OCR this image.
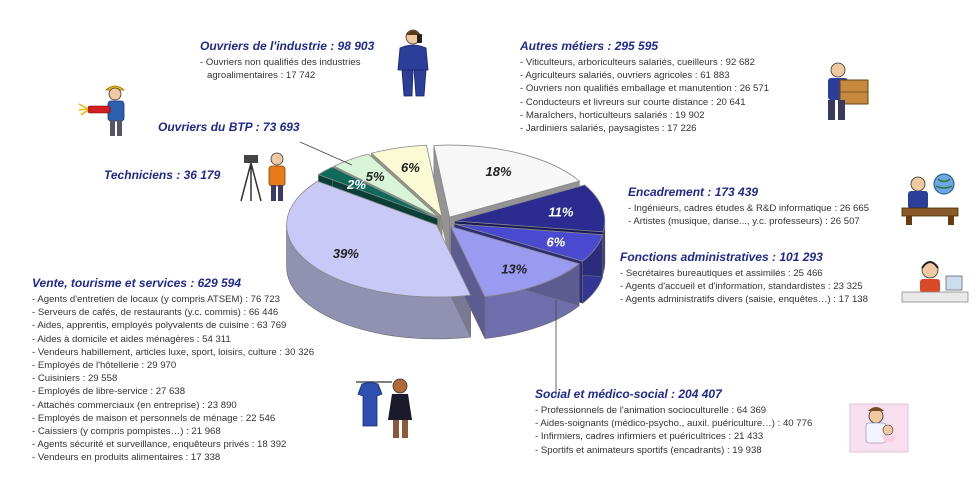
18%
11%
6%
13%
39%
2%
5%
6%
Ouvriers de l'industrie : 98 903
- Ouvriers non qualifiés des industries
agroalimentaires : 17 742
Ouvriers du BTP : 73 693
Techniciens : 36 179
Autres métiers : 295 595
- Viticulteurs, arboriculteurs salariés, cueilleurs : 92 682
- Agriculteurs salariés, ouvriers agricoles : 61 883
- Ouvriers non qualifiés emballage et manutention : 26 571
- Conducteurs et livreurs sur courte distance : 20 641
- Maraîchers, horticulteurs salariés : 19 902
- Jardiniers salariés, paysagistes : 17 226
Encadrement : 173 439
- Ingénieurs, cadres études & R&D informatique : 26 665
- Artistes (musique, danse..., y.c. professeurs) : 26 507
Fonctions administratives : 101 293
- Secrétaires bureautiques et assimilés : 25 466
- Agents d'accueil et d'information, standardistes : 23 325
- Agents administratifs divers (saisie, enquêtes…) : 17 138
Vente, tourisme et services : 629 594
- Agents d'entretien de locaux (y compris ATSEM) : 76 723
- Serveurs de cafés, de restaurants (y.c. commis) : 66 446
- Aides, apprentis, employés polyvalents de cuisine : 63 769
- Aides à domicile et aides ménagères : 54 311
- Vendeurs habillement, articles luxe, sport, loisirs, culture : 30 326
- Employés de l'hôtellerie : 29 970
- Cuisiniers : 29 558
- Employés de libre-service : 27 638
- Attachés commerciaux (en entreprise) : 23 890
- Employés de maison et personnels de ménage : 22 546
- Caissiers (y compris pompistes…) : 21 968
- Agents sécurité et surveillance, enquêteurs privés : 18 392
- Vendeurs en produits alimentaires : 17 338
Social et médico-social : 204 407
- Professionnels de l'animation socioculturelle : 64 369
- Aides-soignants (médico-psycho., auxil. puériculture…) : 40 776
- Infirmiers, cadres infirmiers et puéricultrices : 21 433
- Sportifs et animateurs sportifs (encadrants) : 19 938
